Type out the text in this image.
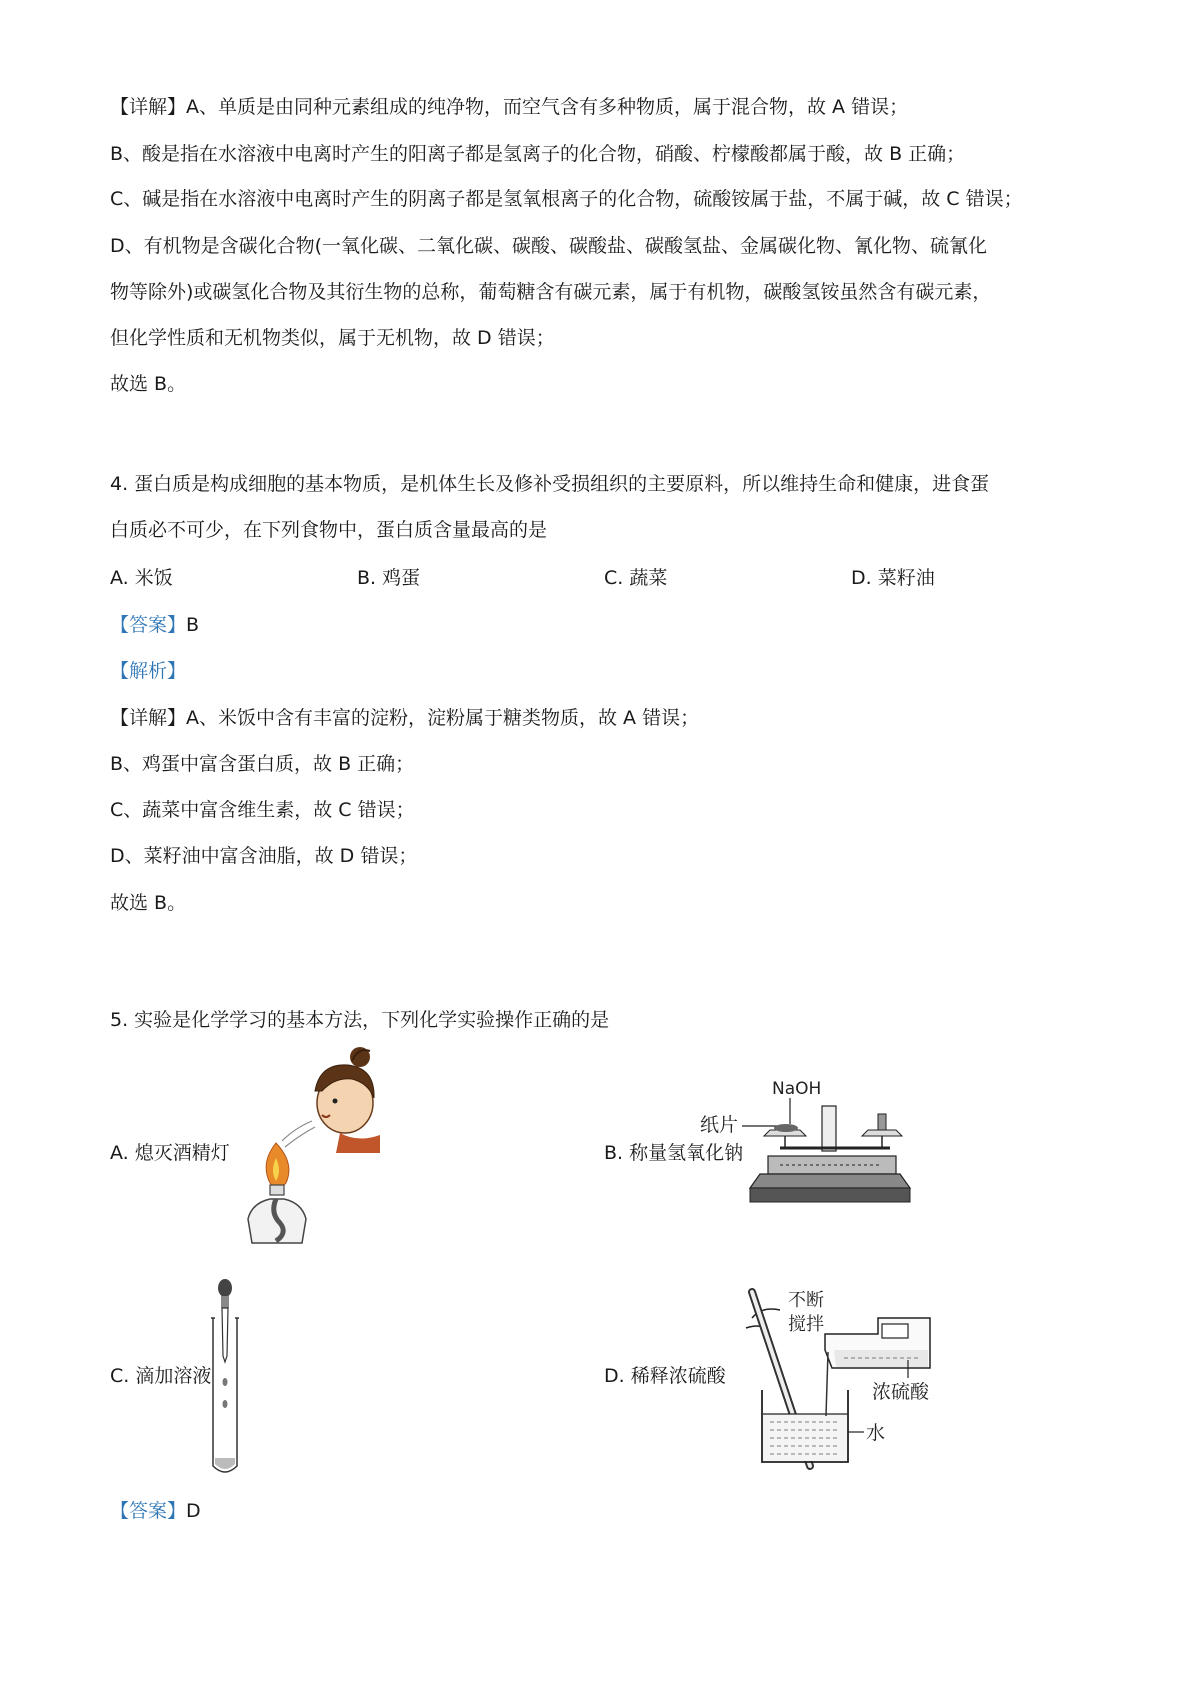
【详解】A、单质是由同种元素组成的纯净物，而空气含有多种物质，属于混合物，故 A 错误；
B、酸是指在水溶液中电离时产生的阳离子都是氢离子的化合物，硝酸、柠檬酸都属于酸，故 B 正确；
C、碱是指在水溶液中电离时产生的阴离子都是氢氧根离子的化合物，硫酸铵属于盐，不属于碱，故 C 错误；
D、有机物是含碳化合物(一氧化碳、二氧化碳、碳酸、碳酸盐、碳酸氢盐、金属碳化物、氰化物、硫氰化
物等除外)或碳氢化合物及其衍生物的总称，葡萄糖含有碳元素，属于有机物，碳酸氢铵虽然含有碳元素，
但化学性质和无机物类似，属于无机物，故 D 错误；
故选 B。
4. 蛋白质是构成细胞的基本物质，是机体生长及修补受损组织的主要原料，所以维持生命和健康，进食蛋
白质必不可少，在下列食物中，蛋白质含量最高的是
A. 米饭	B. 鸡蛋	C. 蔬菜	D. 菜籽油
【答案】B
【解析】
【详解】A、米饭中含有丰富的淀粉，淀粉属于糖类物质，故 A 错误；
B、鸡蛋中富含蛋白质，故 B 正确；
C、蔬菜中富含维生素，故 C 错误；
D、菜籽油中富含油脂，故 D 错误；
故选 B。
5. 实验是化学学习的基本方法，下列化学实验操作正确的是
A. 熄灭酒精灯	B. 称量氢氧化钠
C. 滴加溶液	D. 稀释浓硫酸
NaOH
纸片
不断
搅拌
浓硫酸
水
【答案】D
